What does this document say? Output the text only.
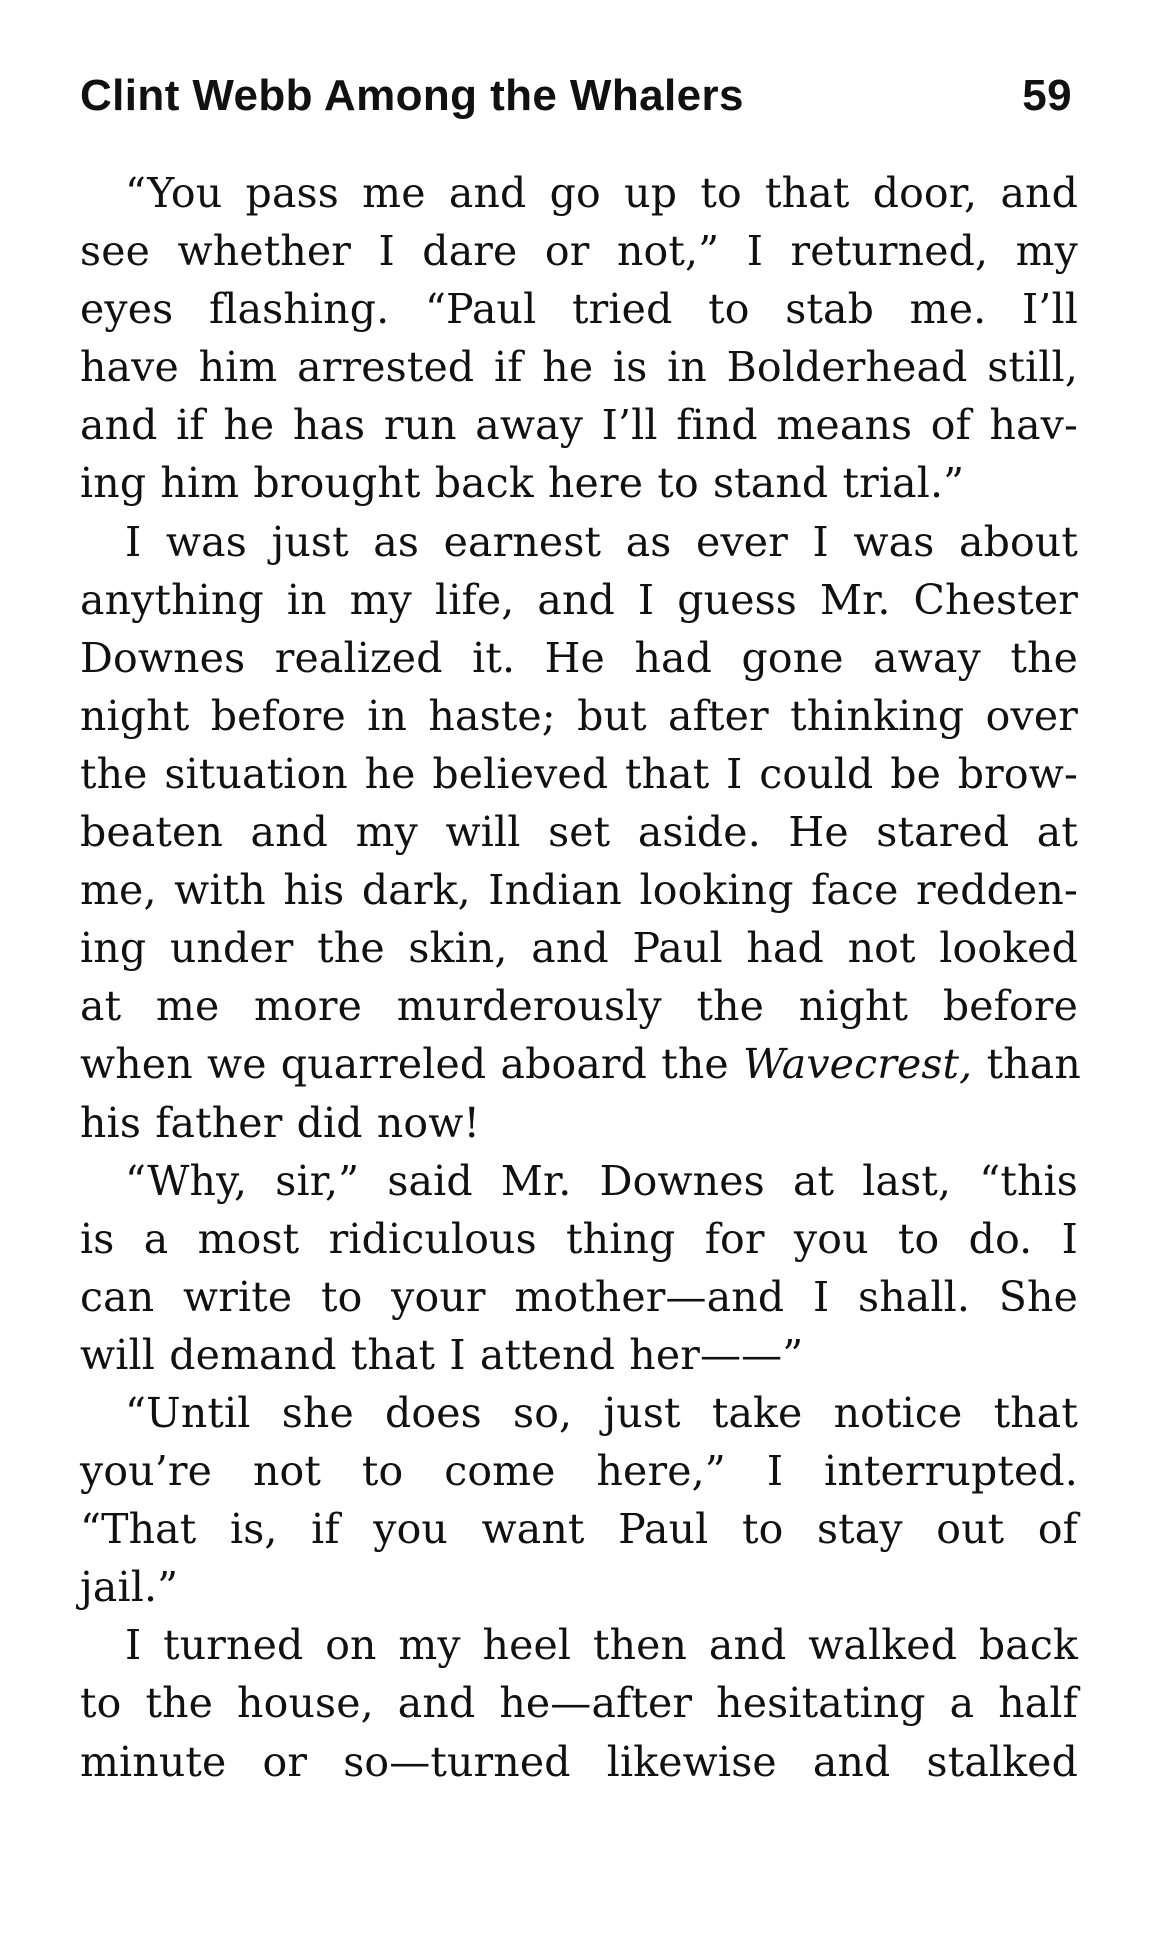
Clint Webb Among the Whalers	59
“You pass me and go up to that door, and
see whether I dare or not,” I returned, my
eyes flashing. “Paul tried to stab me. I’ll
have him arrested if he is in Bolderhead still,
and if he has run away I’ll find means of hav-
ing him brought back here to stand trial.”
I was just as earnest as ever I was about
anything in my life, and I guess Mr. Chester
Downes realized it. He had gone away the
night before in haste; but after thinking over
the situation he believed that I could be brow-
beaten and my will set aside. He stared at
me, with his dark, Indian looking face redden-
ing under the skin, and Paul had not looked
at me more murderously the night before
when we quarreled aboard the Wavecrest, than
his father did now!
“Why, sir,” said Mr. Downes at last, “this
is a most ridiculous thing for you to do. I
can write to your mother—and I shall. She
will demand that I attend her——”
“Until she does so, just take notice that
you’re not to come here,” I interrupted.
“That is, if you want Paul to stay out of
jail.”
I turned on my heel then and walked back
to the house, and he—after hesitating a half
minute or so—turned likewise and stalked
